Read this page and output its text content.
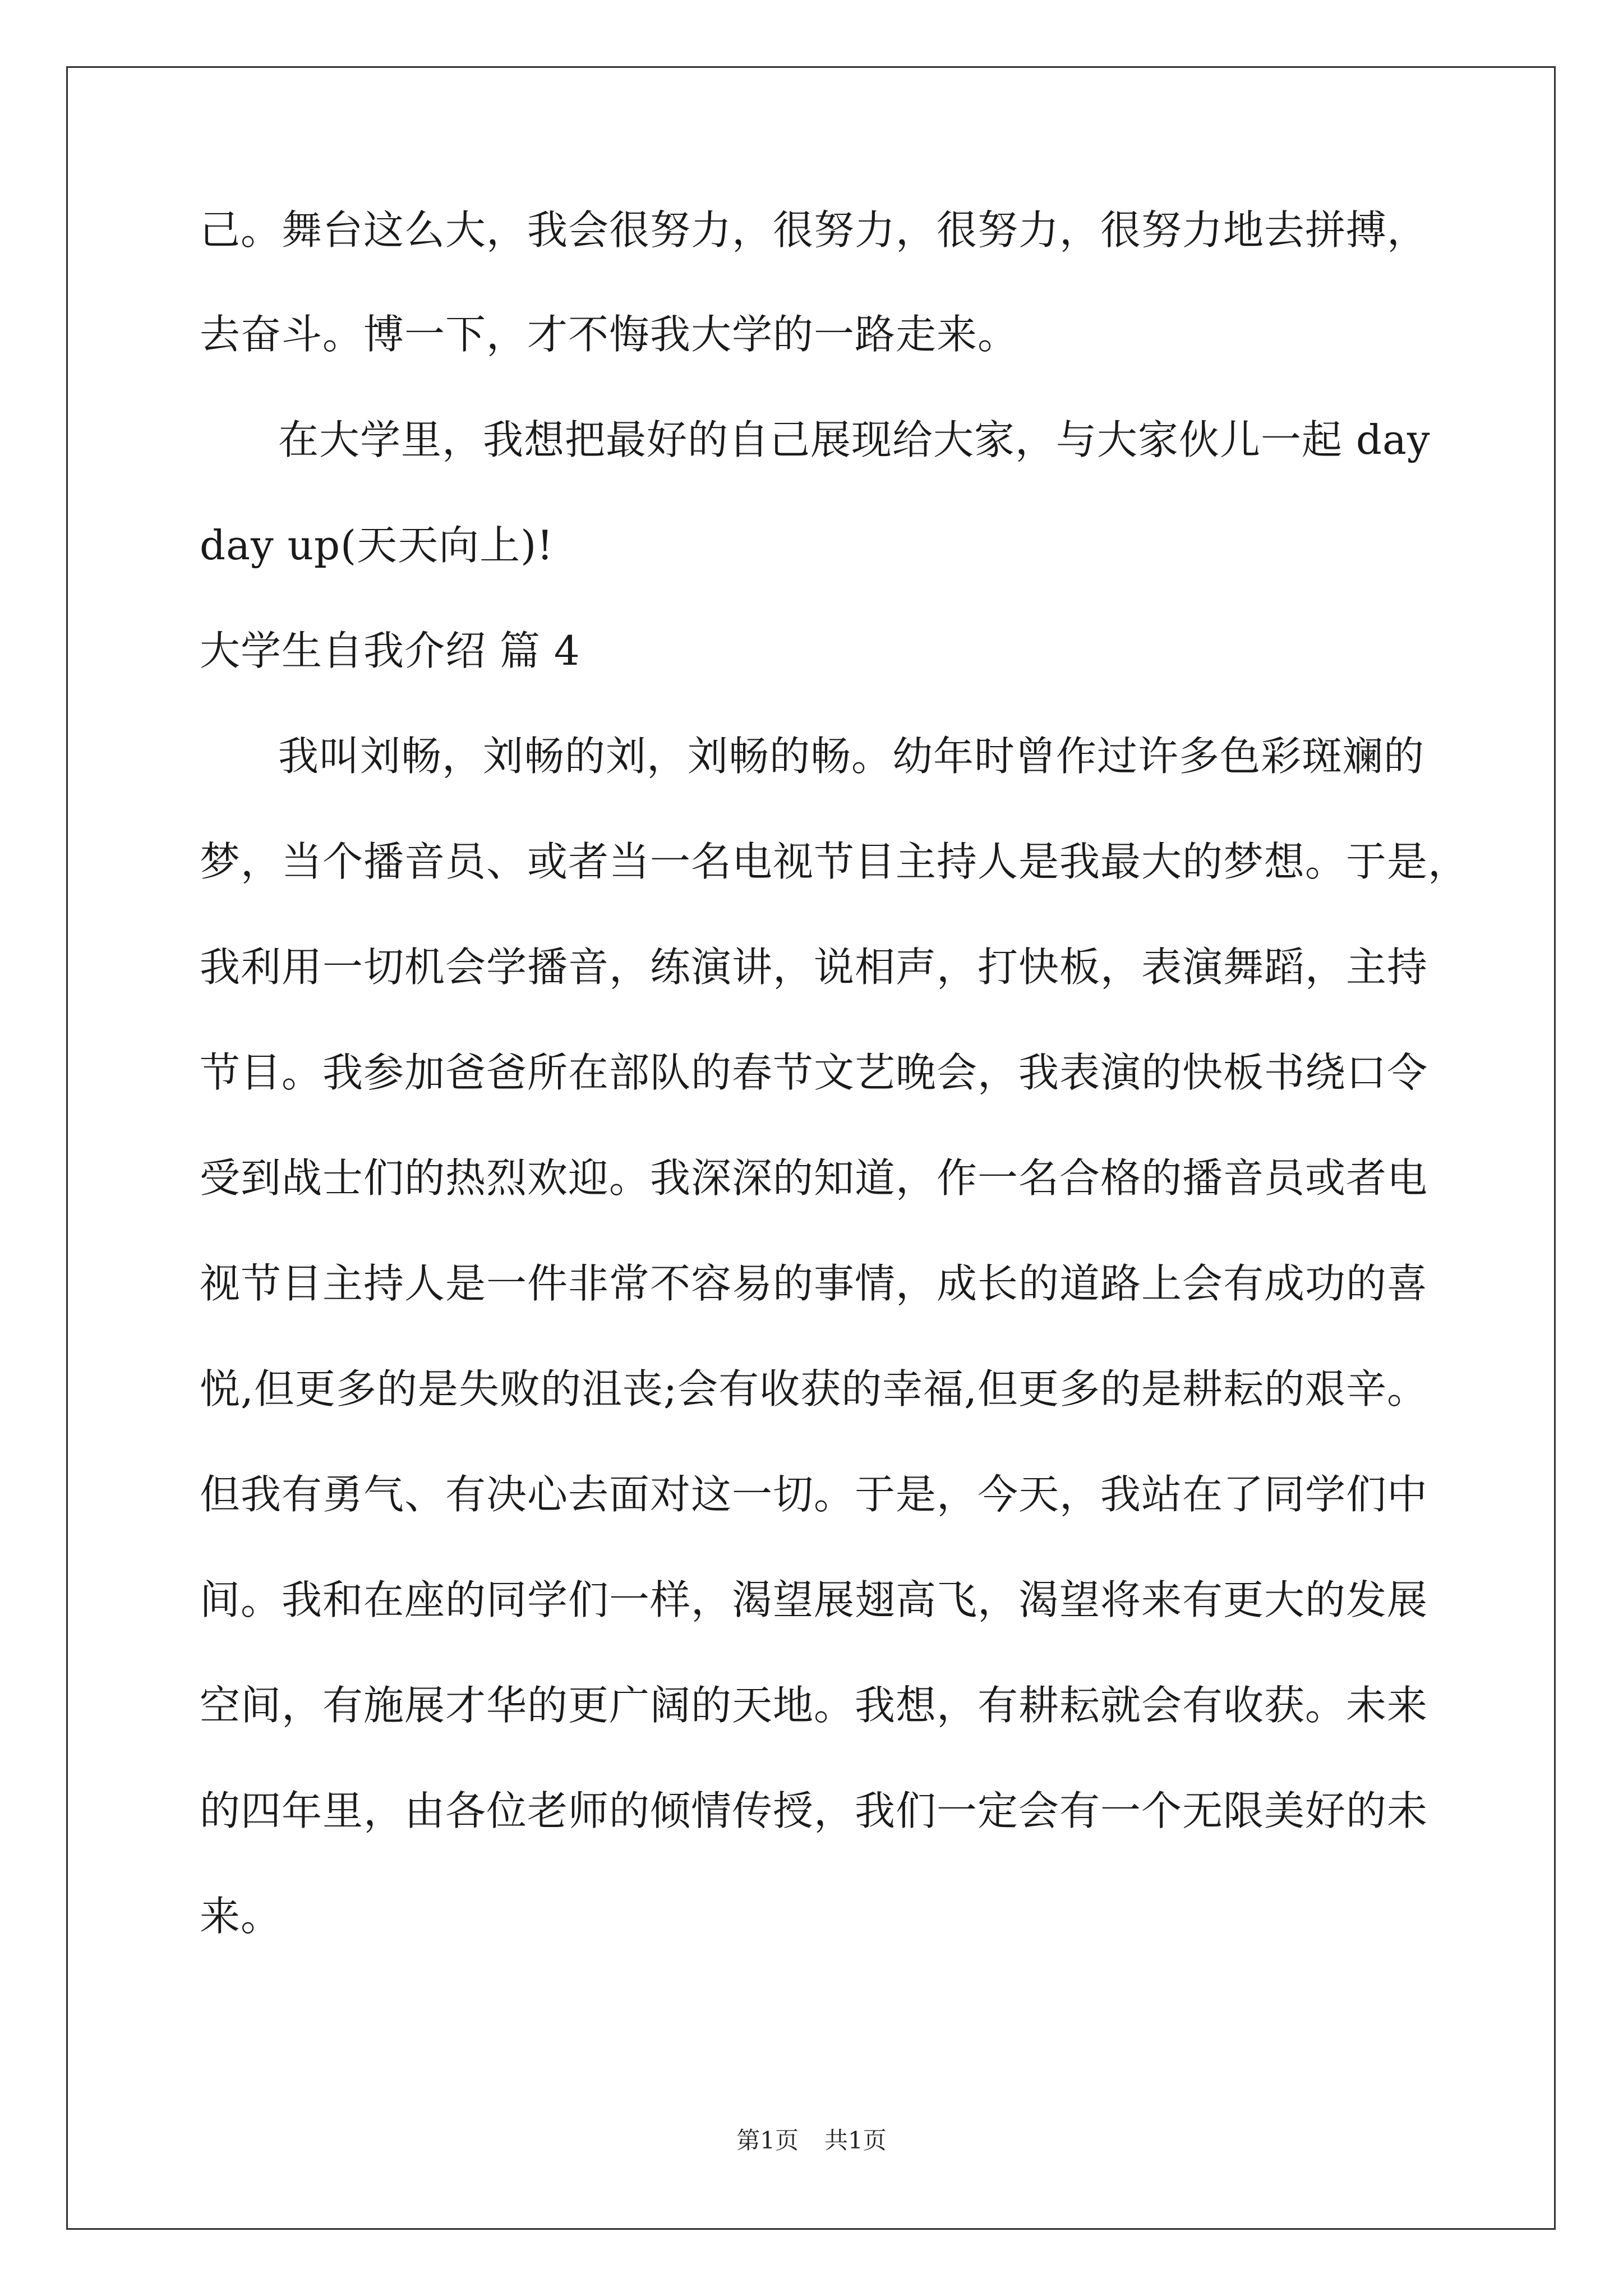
己。舞台这么大，我会很努力，很努力，很努力，很努力地去拼搏，
去奋斗。博一下，才不悔我大学的一路走来。
在大学里，我想把最好的自己展现给大家，与大家伙儿一起 day
day up(天天向上)!
大学生自我介绍 篇 4
我叫刘畅，刘畅的刘，刘畅的畅。幼年时曾作过许多色彩斑斓的
梦，当个播音员、或者当一名电视节目主持人是我最大的梦想。于是，
我利用一切机会学播音，练演讲，说相声，打快板，表演舞蹈，主持
节目。我参加爸爸所在部队的春节文艺晚会，我表演的快板书绕口令
受到战士们的热烈欢迎。我深深的知道，作一名合格的播音员或者电
视节目主持人是一件非常不容易的事情，成长的道路上会有成功的喜
悦,但更多的是失败的沮丧;会有收获的幸福,但更多的是耕耘的艰辛。
但我有勇气、有决心去面对这一切。于是，今天，我站在了同学们中
间。我和在座的同学们一样，渴望展翅高飞，渴望将来有更大的发展
空间，有施展才华的更广阔的天地。我想，有耕耘就会有收获。未来
的四年里，由各位老师的倾情传授，我们一定会有一个无限美好的未
来。
第1页 共1页
